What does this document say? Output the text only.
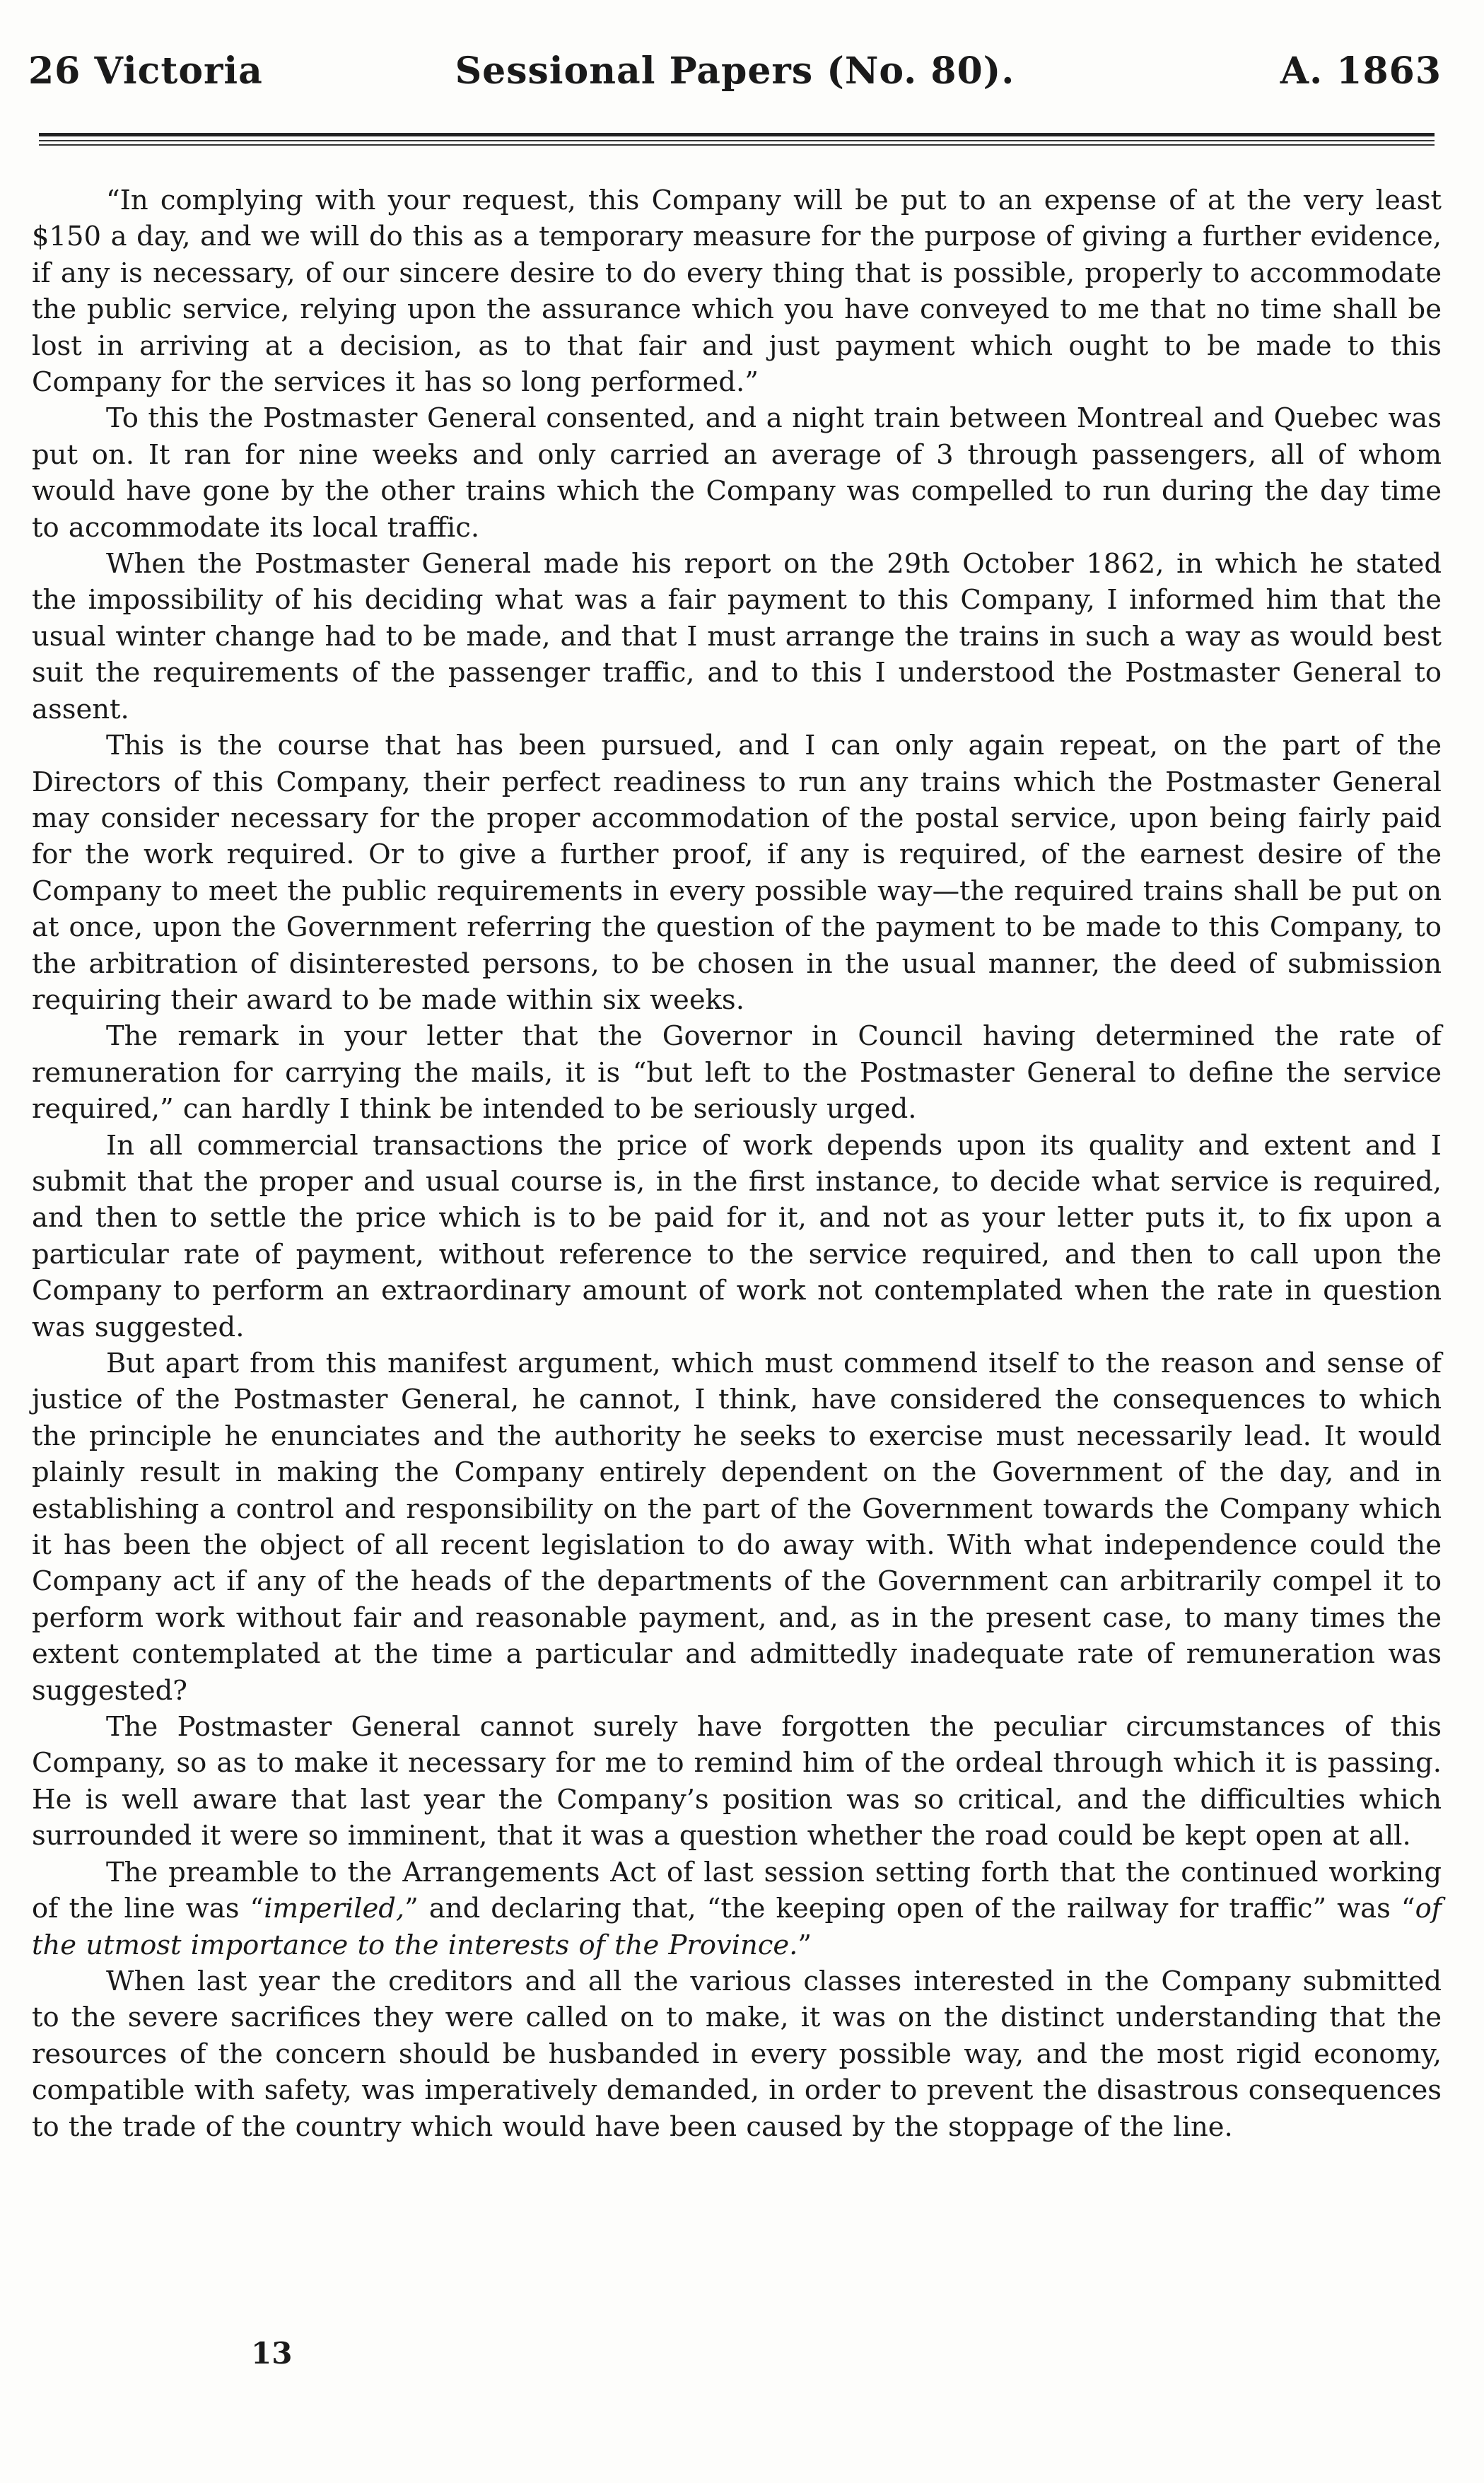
26 Victoria	Sessional Papers (No. 80).	A. 1863

“In complying with your request, this Company will be put to an expense of at the very least $150 a day, and we will do this as a temporary measure for the purpose of giving a further evidence, if any is necessary, of our sincere desire to do every thing that is possible, properly to accommodate the public service, relying upon the assurance which you have conveyed to me that no time shall be lost in arriving at a decision, as to that fair and just payment which ought to be made to this Company for the services it has so long performed.”

To this the Postmaster General consented, and a night train between Montreal and Quebec was put on. It ran for nine weeks and only carried an average of 3 through passengers, all of whom would have gone by the other trains which the Company was compelled to run during the day time to accommodate its local traffic.

When the Postmaster General made his report on the 29th October 1862, in which he stated the impossibility of his deciding what was a fair payment to this Company, I informed him that the usual winter change had to be made, and that I must arrange the trains in such a way as would best suit the requirements of the passenger traffic, and to this I understood the Postmaster General to assent.

This is the course that has been pursued, and I can only again repeat, on the part of the Directors of this Company, their perfect readiness to run any trains which the Postmaster General may consider necessary for the proper accommodation of the postal service, upon being fairly paid for the work required. Or to give a further proof, if any is required, of the earnest desire of the Company to meet the public requirements in every possible way—the required trains shall be put on at once, upon the Government referring the question of the payment to be made to this Company, to the arbitration of disinterested persons, to be chosen in the usual manner, the deed of submission requiring their award to be made within six weeks.

The remark in your letter that the Governor in Council having determined the rate of remuneration for carrying the mails, it is “but left to the Postmaster General to define the service required,” can hardly I think be intended to be seriously urged.

In all commercial transactions the price of work depends upon its quality and extent and I submit that the proper and usual course is, in the first instance, to decide what service is required, and then to settle the price which is to be paid for it, and not as your letter puts it, to fix upon a particular rate of payment, without reference to the service required, and then to call upon the Company to perform an extraordinary amount of work not contemplated when the rate in question was suggested.

But apart from this manifest argument, which must commend itself to the reason and sense of justice of the Postmaster General, he cannot, I think, have considered the consequences to which the principle he enunciates and the authority he seeks to exercise must necessarily lead. It would plainly result in making the Company entirely dependent on the Government of the day, and in establishing a control and responsibility on the part of the Government towards the Company which it has been the object of all recent legislation to do away with. With what independence could the Company act if any of the heads of the departments of the Government can arbitrarily compel it to perform work without fair and reasonable payment, and, as in the present case, to many times the extent contemplated at the time a particular and admittedly inadequate rate of remuneration was suggested?

The Postmaster General cannot surely have forgotten the peculiar circumstances of this Company, so as to make it necessary for me to remind him of the ordeal through which it is passing. He is well aware that last year the Company’s position was so critical, and the difficulties which surrounded it were so imminent, that it was a question whether the road could be kept open at all.

The preamble to the Arrangements Act of last session setting forth that the continued working of the line was “imperiled,” and declaring that, “the keeping open of the railway for traffic” was “of the utmost importance to the interests of the Province.”

When last year the creditors and all the various classes interested in the Company submitted to the severe sacrifices they were called on to make, it was on the distinct understanding that the resources of the concern should be husbanded in every possible way, and the most rigid economy, compatible with safety, was imperatively demanded, in order to prevent the disastrous consequences to the trade of the country which would have been caused by the stoppage of the line.

13
